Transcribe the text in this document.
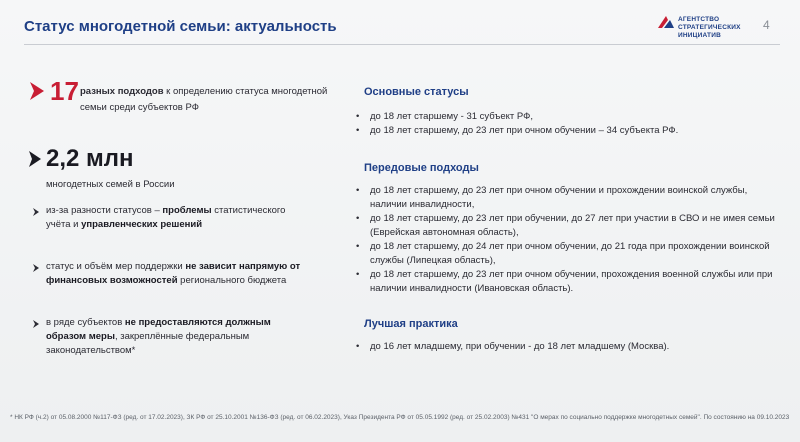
Статус многодетной семьи: актуальность	АГЕНТСТВО
СТРАТЕГИЧЕСКИХ
ИНИЦИАТИВ
4
17 разных подходов к определению статуса многодетной семьи среди субъектов РФ
2,2 млн
многодетных семей в России
из-за разности статусов – проблемы статистического учёта и управленческих решений
статус и объём мер поддержки не зависит напрямую от финансовых возможностей регионального бюджета
в ряде субъектов не предоставляются должным образом меры, закреплённые федеральным законодательством*
Основные статусы
• до 18 лет старшему - 31 субъект РФ,
• до 18 лет старшему, до 23 лет при очном обучении – 34 субъекта РФ.
Передовые подходы
• до 18 лет старшему, до 23 лет при очном обучении и прохождении воинской службы, наличии инвалидности,
• до 18 лет старшему, до 23 лет при обучении, до 27 лет при участии в СВО и не имея семьи (Еврейская автономная область),
• до 18 лет старшему, до 24 лет при очном обучении, до 21 года при прохождении воинской службы (Липецкая область),
• до 18 лет старшему, до 23 лет при очном обучении, прохождения военной службы или при наличии инвалидности (Ивановская область).
Лучшая практика
• до 16 лет младшему, при обучении - до 18 лет младшему (Москва).
* НК РФ (ч.2) от 05.08.2000 №117-ФЗ (ред. от 17.02.2023), ЗК РФ от 25.10.2001 №136-ФЗ (ред. от 06.02.2023), Указ Президента РФ от 05.05.1992 (ред. от 25.02.2003) №431 "О мерах по социально поддержке многодетных семей". По состоянию на 09.10.2023
